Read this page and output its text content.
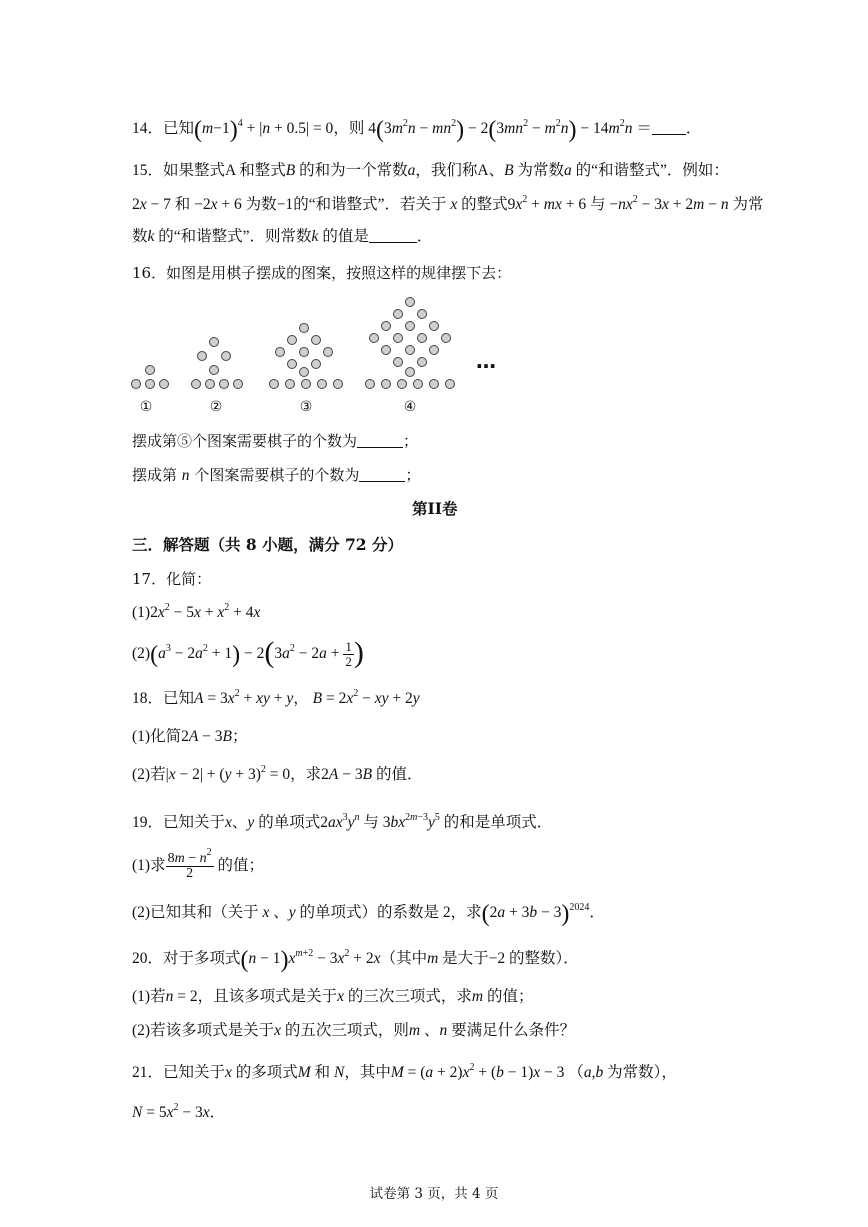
14．已知$(m-1)^4 + |n + 0.5| = 0$，则 $4(3m^2n - mn^2) - 2(3mn^2 - m^2n) - 14m^2n$ ＝ ．
15．如果整式A 和整式B 的和为一个常数a，我们称A、B 为常数a 的“和谐整式”．例如：
2x − 7 和 −2x + 6 为数−1的“和谐整式”．若关于 x 的整式$9x^2$ + mx + 6 与 $-nx^2 - 3x + 2m - n$ 为常
数k 的“和谐整式”．则常数k 的值是	．
16．如图是用棋子摆成的图案，按照这样的规律摆下去：
①	②	③	④
…
摆成第⑤个图案需要棋子的个数为	；
摆成第 n 个图案需要棋子的个数为	；
第II卷
三．解答题（共 8 小题，满分 72 分）
17．化简：
$(1)2x^2 - 5x + x^2 + 4x$
$(2)(a^3 - 2a^2 + 1) - 2(3a^2 - 2a + \frac{1}{2}$ )
18．已知$A = 3x^2$ + xy + y， $B = 2x^2$ − xy + 2y
(1)化简2A − 3B；
(2)若$|x - 2| + (y + 3)^2 = 0$，求2A − 3B 的值．
19．已知关于x、y 的单项式$2ax^3y^n$ 与 $3bx^{2m-3}y^5$ 的和是单项式．
(1)求 $\frac{8m - n^2}{2}$ 的值；
(2)已知其和（关于 x 、y 的单项式）的系数是 2，求$(2a + 3b - 3)^{2024}$．
20．对于多项式$(n - 1)x^{m+2} - 3x^2 + 2x$（其中m 是大于−2 的整数）．
(1)若n = 2，且该多项式是关于x 的三次三项式，求m 的值；
(2)若该多项式是关于x 的五次三项式，则m 、n 要满足什么条件？
21．已知关于x 的多项式M 和 N，其中$M = (a + 2)x^2 + (b - 1)x - 3$ （a,b 为常数），
$N = 5x^2 - 3x$．
试卷第 3 页，共 4 页
